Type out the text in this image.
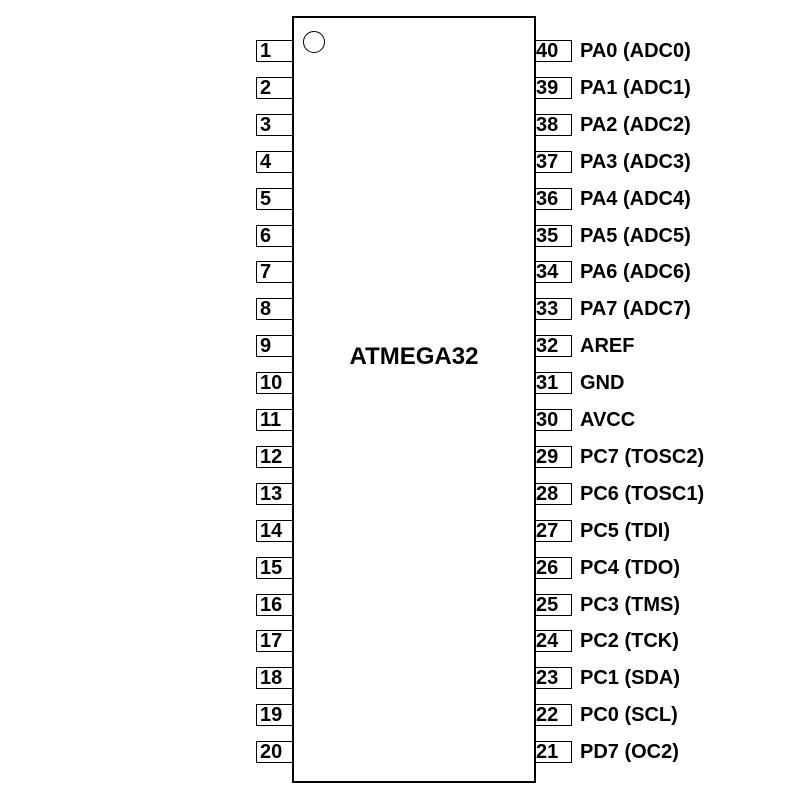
ATMEGA32
1
2
3
4
5
6
7
8
9
10
11
12
13
14
15
16
17
18
19
20
PA0 (ADC0)
40
PA1 (ADC1)
39
PA2 (ADC2)
38
PA3 (ADC3)
37
PA4 (ADC4)
36
PA5 (ADC5)
35
PA6 (ADC6)
34
PA7 (ADC7)
33
AREF
32
GND
31
AVCC
30
PC7 (TOSC2)
29
PC6 (TOSC1)
28
PC5 (TDI)
27
PC4 (TDO)
26
PC3 (TMS)
25
PC2 (TCK)
24
PC1 (SDA)
23
PC0 (SCL)
22
PD7 (OC2)
21
